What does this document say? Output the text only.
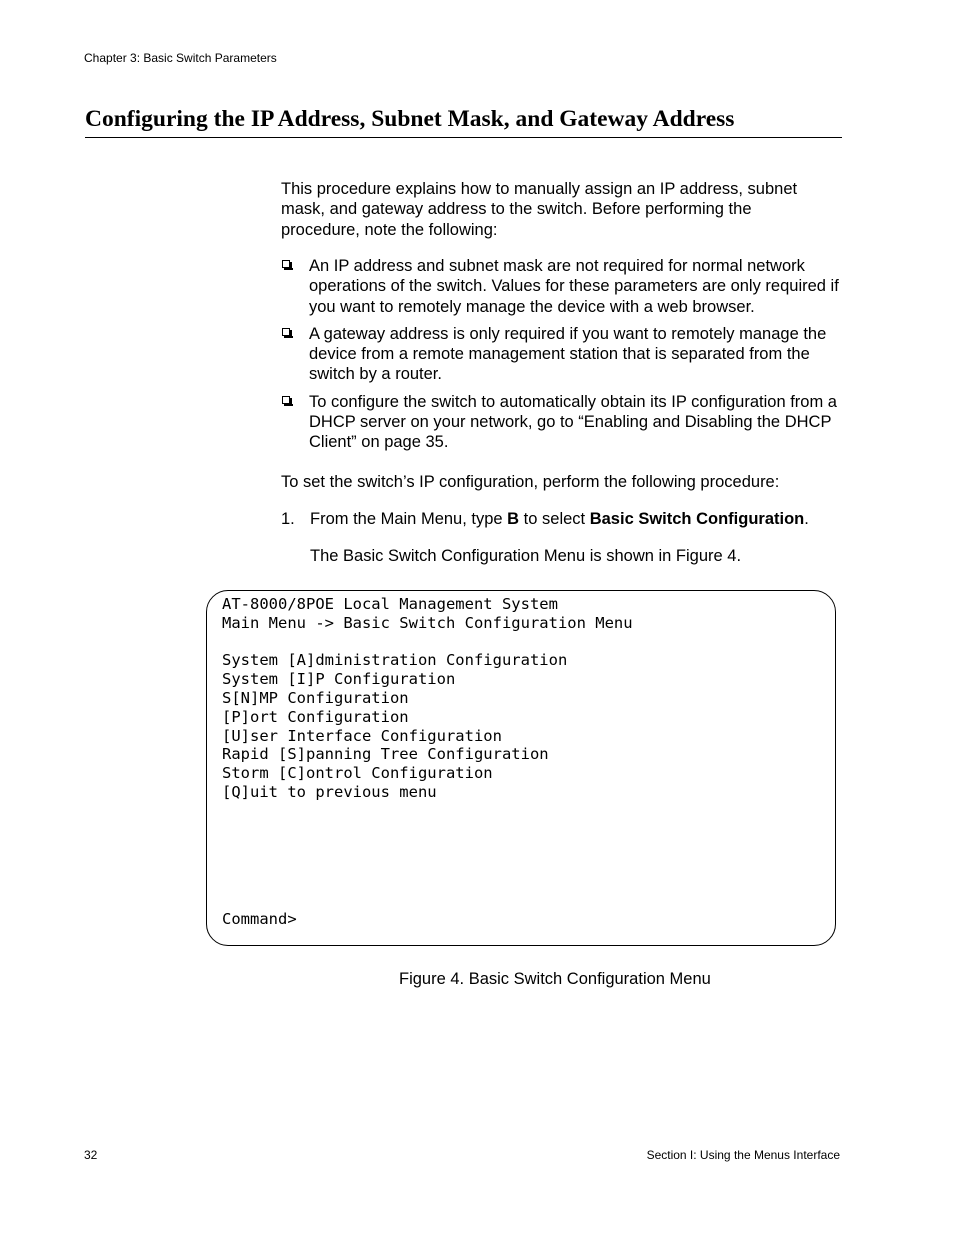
Chapter 3: Basic Switch Parameters
Configuring the IP Address, Subnet Mask, and Gateway Address

This procedure explains how to manually assign an IP address, subnet mask, and gateway address to the switch. Before performing the procedure, note the following:

An IP address and subnet mask are not required for normal network operations of the switch. Values for these parameters are only required if you want to remotely manage the device with a web browser.
A gateway address is only required if you want to remotely manage the device from a remote management station that is separated from the switch by a router.
To configure the switch to automatically obtain its IP configuration from a DHCP server on your network, go to “Enabling and Disabling the DHCP Client” on page 35.

To set the switch’s IP configuration, perform the following procedure:

1. From the Main Menu, type B to select Basic Switch Configuration.

The Basic Switch Configuration Menu is shown in Figure 4.

AT-8000/8POE Local Management System
Main Menu -> Basic Switch Configuration Menu
System [A]dministration Configuration
System [I]P Configuration
S[N]MP Configuration
[P]ort Configuration
[U]ser Interface Configuration
Rapid [S]panning Tree Configuration
Storm [C]ontrol Configuration
[Q]uit to previous menu
Command>

Figure 4. Basic Switch Configuration Menu

32	Section I: Using the Menus Interface
